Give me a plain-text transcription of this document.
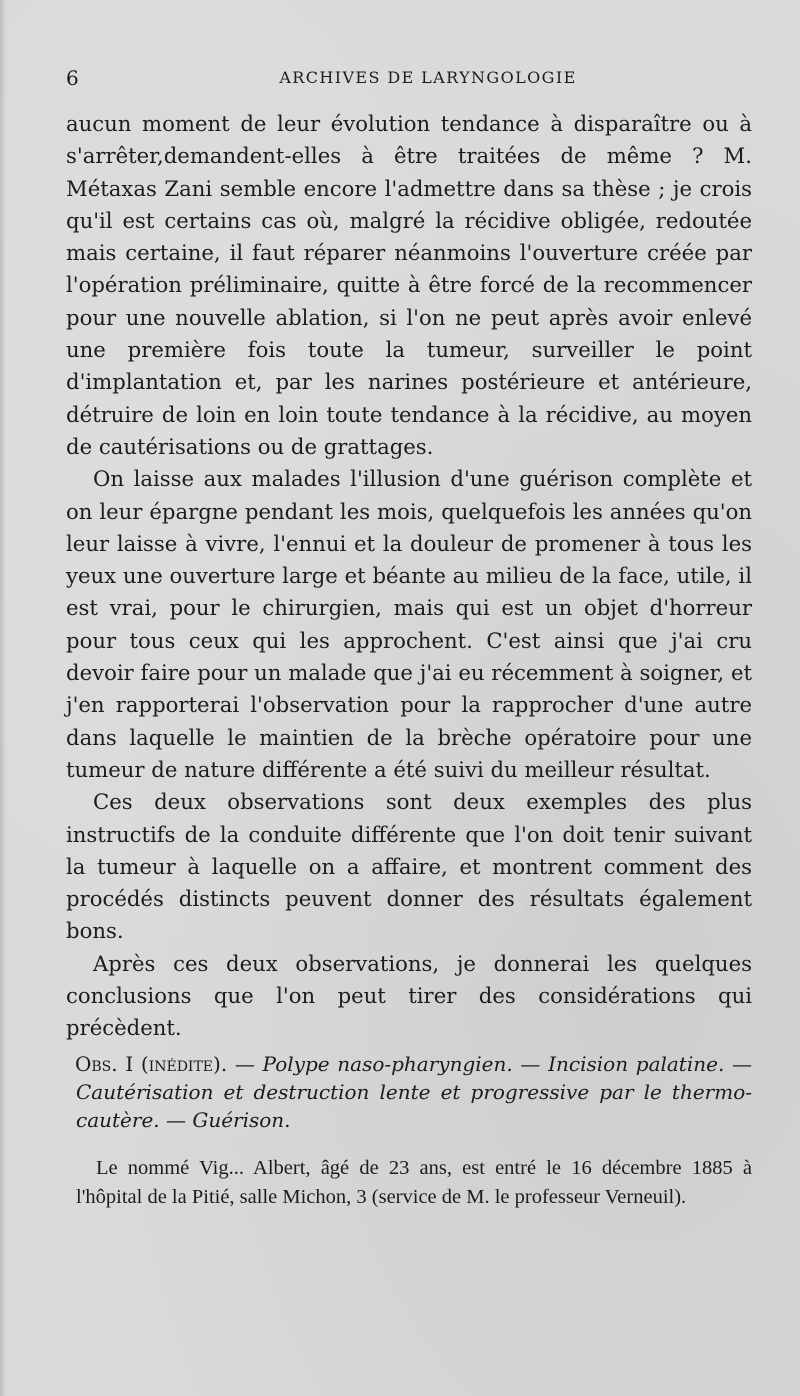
6	ARCHIVES DE LARYNGOLOGIE

aucun moment de leur évolution tendance à disparaître ou à s'arrêter,demandent-elles à être traitées de même ? M. Métaxas Zani semble encore l'admettre dans sa thèse ; je crois qu'il est certains cas où, malgré la récidive obligée, redoutée mais certaine, il faut réparer néanmoins l'ouverture créée par l'opération préliminaire, quitte à être forcé de la recommencer pour une nouvelle ablation, si l'on ne peut après avoir enlevé une première fois toute la tumeur, surveiller le point d'implantation et, par les narines postérieure et antérieure, détruire de loin en loin toute tendance à la récidive, au moyen de cautérisations ou de grattages.

On laisse aux malades l'illusion d'une guérison complète et on leur épargne pendant les mois, quelquefois les années qu'on leur laisse à vivre, l'ennui et la douleur de promener à tous les yeux une ouverture large et béante au milieu de la face, utile, il est vrai, pour le chirurgien, mais qui est un objet d'horreur pour tous ceux qui les approchent. C'est ainsi que j'ai cru devoir faire pour un malade que j'ai eu récemment à soigner, et j'en rapporterai l'observation pour la rapprocher d'une autre dans laquelle le maintien de la brèche opératoire pour une tumeur de nature différente a été suivi du meilleur résultat.

Ces deux observations sont deux exemples des plus instructifs de la conduite différente que l'on doit tenir suivant la tumeur à laquelle on a affaire, et montrent comment des procédés distincts peuvent donner des résultats également bons.

Après ces deux observations, je donnerai les quelques conclusions que l'on peut tirer des considérations qui précèdent.

Obs. I (inédite). — Polype naso-pharyngien. — Incision palatine. — Cautérisation et destruction lente et progressive par le thermo-cautère. — Guérison.
Le nommé Vig... Albert, âgé de 23 ans, est entré le 16 décembre 1885 à l'hôpital de la Pitié, salle Michon, 3 (service de M. le professeur Verneuil).
